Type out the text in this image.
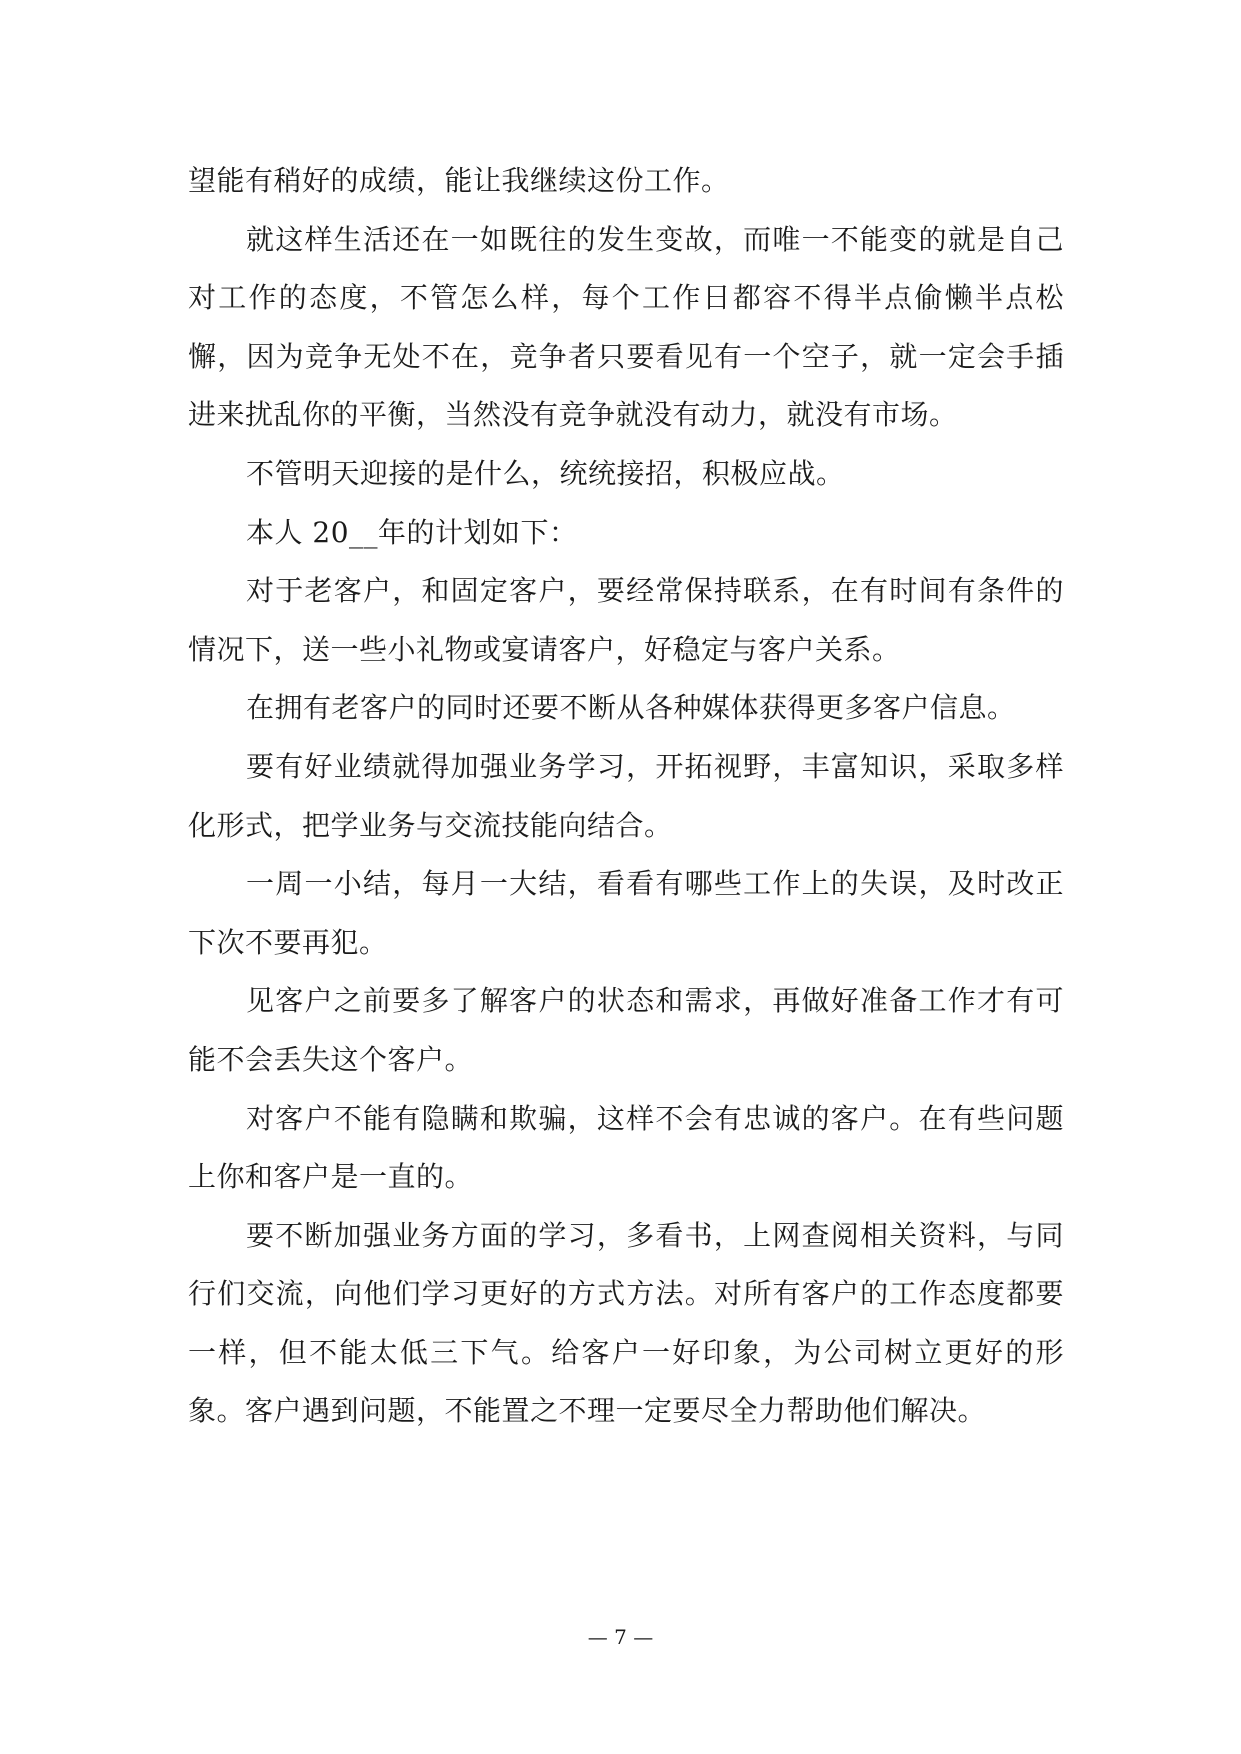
望能有稍好的成绩，能让我继续这份工作。

就这样生活还在一如既往的发生变故，而唯一不能变的就是自己对工作的态度，不管怎么样，每个工作日都容不得半点偷懒半点松懈，因为竞争无处不在，竞争者只要看见有一个空子，就一定会手插进来扰乱你的平衡，当然没有竞争就没有动力，就没有市场。

不管明天迎接的是什么，统统接招，积极应战。

本人 20__年的计划如下：

对于老客户，和固定客户，要经常保持联系，在有时间有条件的情况下，送一些小礼物或宴请客户，好稳定与客户关系。

在拥有老客户的同时还要不断从各种媒体获得更多客户信息。

要有好业绩就得加强业务学习，开拓视野，丰富知识，采取多样化形式，把学业务与交流技能向结合。

一周一小结，每月一大结，看看有哪些工作上的失误，及时改正下次不要再犯。

见客户之前要多了解客户的状态和需求，再做好准备工作才有可能不会丢失这个客户。

对客户不能有隐瞒和欺骗，这样不会有忠诚的客户。在有些问题上你和客户是一直的。

要不断加强业务方面的学习，多看书，上网查阅相关资料，与同行们交流，向他们学习更好的方式方法。对所有客户的工作态度都要一样，但不能太低三下气。给客户一好印象，为公司树立更好的形象。客户遇到问题，不能置之不理一定要尽全力帮助他们解决。

— 7 —
